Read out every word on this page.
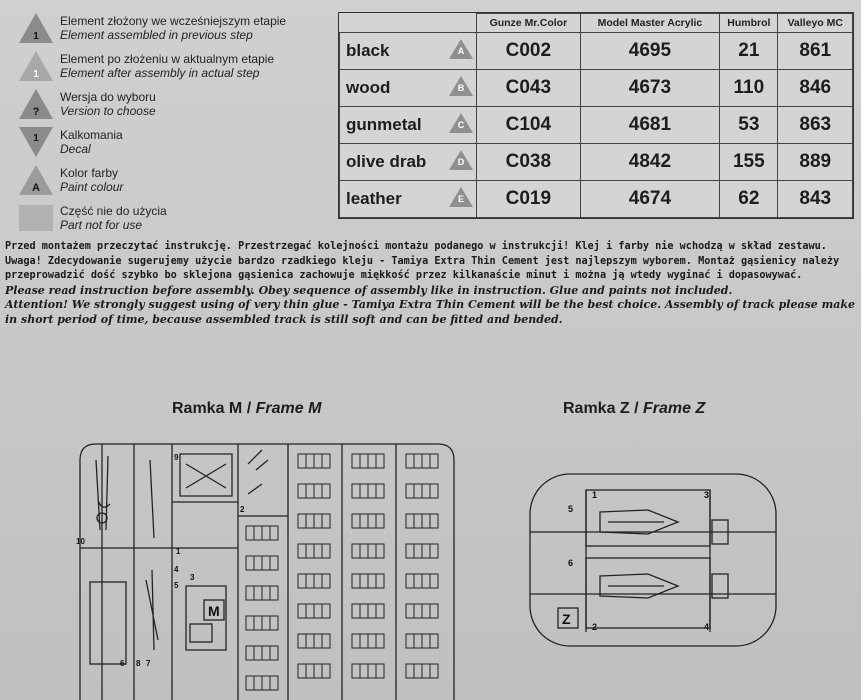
1
Element złożony we wcześniejszym etapie
Element assembled in previous step
1
Element po złożeniu w aktualnym etapie
Element after assembly in actual step
?
Wersja do wyboru
Version to choose
1 Kalkomania
Decal
A
Kolor farby
Paint colour
Część nie do użycia
Part not for use
		Gunze Mr.Color	Model Master Acrylic	Humbrol	Valleyo MC
black	A	C002	4695	21	861
wood	B	C043	4673	110	846
gunmetal	C	C104	4681	53	863
olive drab	D	C038	4842	155	889
leather	E	C019	4674	62	843

Przed montażem przeczytać instrukcję. Przestrzegać kolejności montażu podanego w instrukcji! Klej i farby nie wchodzą w skład zestawu.

Uwaga! Zdecydowanie sugerujemy użycie bardzo rzadkiego kleju - Tamiya Extra Thin Cement jest najlepszym wyborem. Montaż gąsienicy należy przeprowadzić dość szybko bo sklejona gąsienica zachowuje miękkość przez kilkanaście minut i można ją wtedy wyginać i dopasowywać.

Please read instruction before assembly. Obey sequence of assembly like in instruction. Glue and paints not included.

Attention! We strongly suggest using of very thin glue - Tamiya Extra Thin Cement will be the best choice. Assembly of track please make in short period of time, because assembled track is still soft and can be fitted and bended.

Ramka M / Frame M	Ramka Z / Frame Z
10
2
M
9
4
3
5
1
6 8 7
1	3
5
6
Z 2	4
